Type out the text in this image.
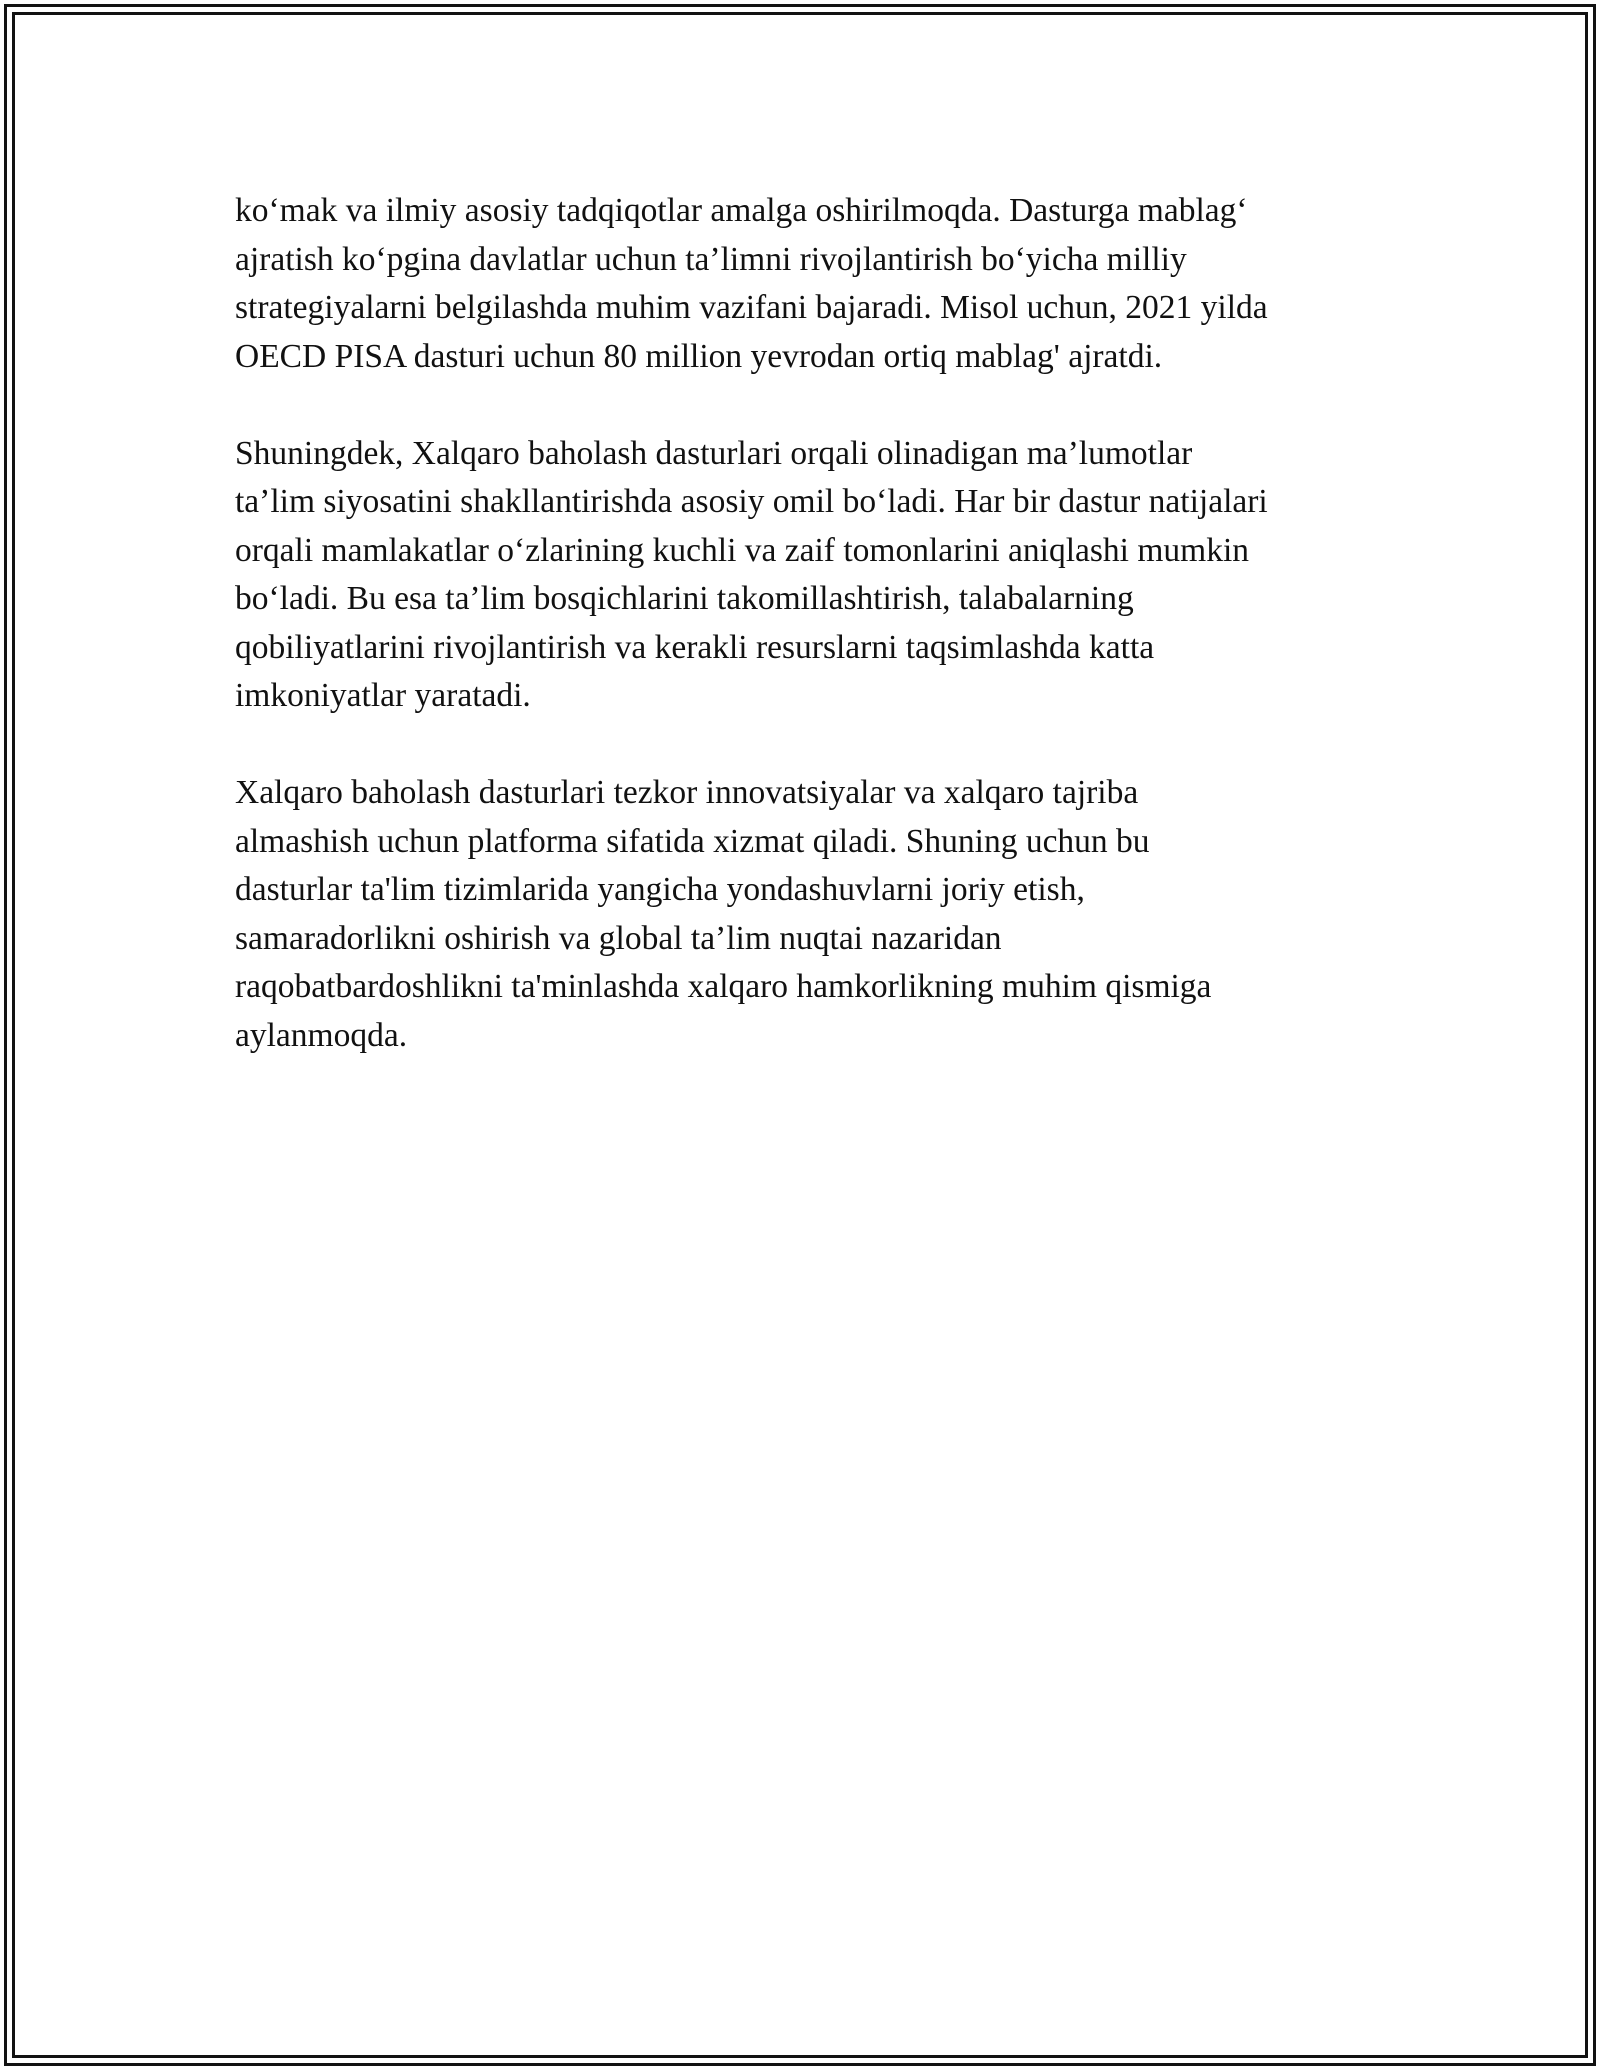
ko‘mak va ilmiy asosiy tadqiqotlar amalga oshirilmoqda. Dasturga mablag‘
ajratish ko‘pgina davlatlar uchun ta’limni rivojlantirish bo‘yicha milliy
strategiyalarni belgilashda muhim vazifani bajaradi. Misol uchun, 2021 yilda
OECD PISA dasturi uchun 80 million yevrodan ortiq mablag' ajratdi.
Shuningdek, Xalqaro baholash dasturlari orqali olinadigan ma’lumotlar
ta’lim siyosatini shakllantirishda asosiy omil bo‘ladi. Har bir dastur natijalari
orqali mamlakatlar o‘zlarining kuchli va zaif tomonlarini aniqlashi mumkin
bo‘ladi. Bu esa ta’lim bosqichlarini takomillashtirish, talabalarning
qobiliyatlarini rivojlantirish va kerakli resurslarni taqsimlashda katta
imkoniyatlar yaratadi.
Xalqaro baholash dasturlari tezkor innovatsiyalar va xalqaro tajriba
almashish uchun platforma sifatida xizmat qiladi. Shuning uchun bu
dasturlar ta'lim tizimlarida yangicha yondashuvlarni joriy etish,
samaradorlikni oshirish va global ta’lim nuqtai nazaridan
raqobatbardoshlikni ta'minlashda xalqaro hamkorlikning muhim qismiga
aylanmoqda.
